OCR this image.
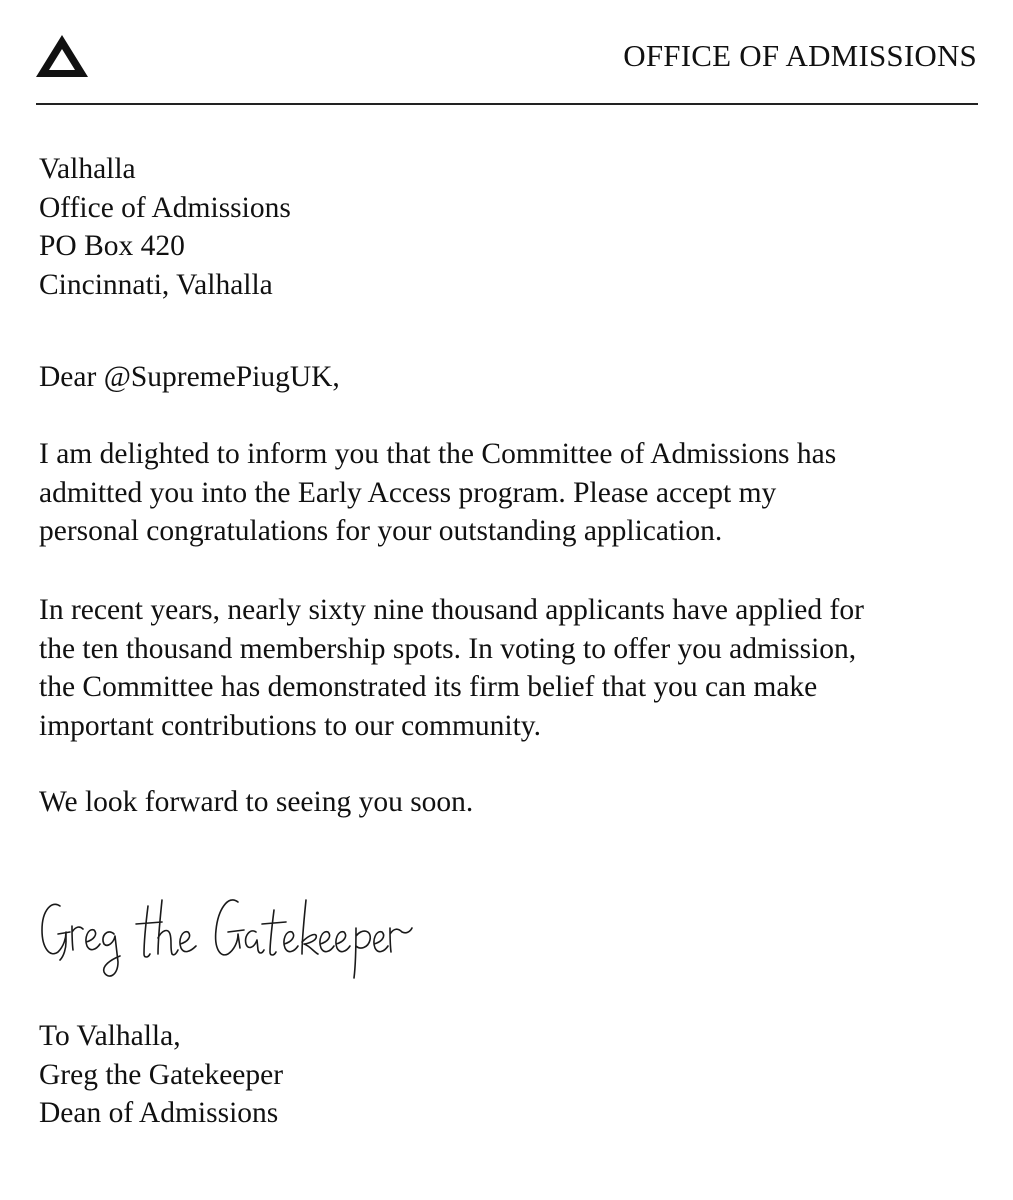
OFFICE OF ADMISSIONS
Valhalla
Office of Admissions
PO Box 420
Cincinnati, Valhalla
Dear @SupremePiugUK,
I am delighted to inform you that the Committee of Admissions has
admitted you into the Early Access program. Please accept my
personal congratulations for your outstanding application.
In recent years, nearly sixty nine thousand applicants have applied for
the ten thousand membership spots. In voting to offer you admission,
the Committee has demonstrated its firm belief that you can make
important contributions to our community.
We look forward to seeing you soon.
To Valhalla,
Greg the Gatekeeper
Dean of Admissions
